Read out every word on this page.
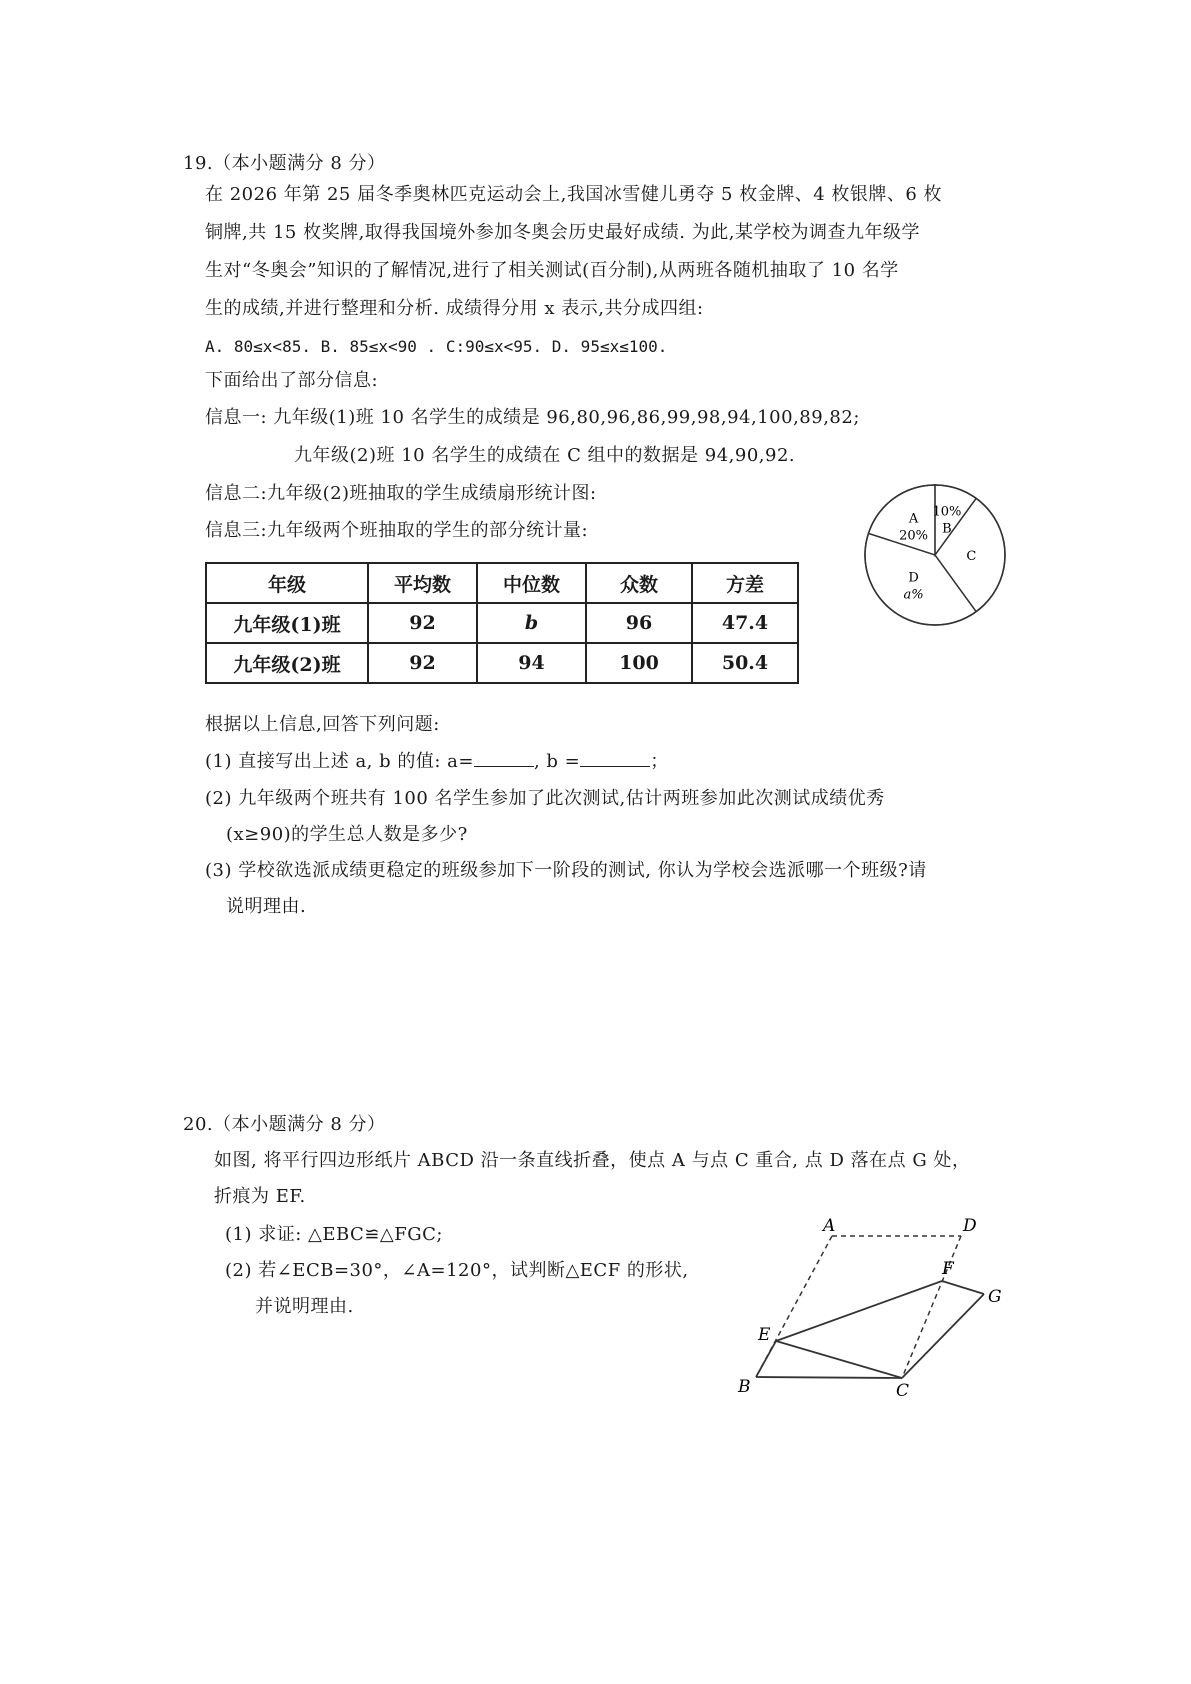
19.（本小题满分 8 分）
在 2026 年第 25 届冬季奥林匹克运动会上,我国冰雪健儿勇夺 5 枚金牌、4 枚银牌、6 枚
铜牌,共 15 枚奖牌,取得我国境外参加冬奥会历史最好成绩. 为此,某学校为调查九年级学
生对“冬奥会”知识的了解情况,进行了相关测试(百分制),从两班各随机抽取了 10 名学
生的成绩,并进行整理和分析. 成绩得分用 x 表示,共分成四组:
A. 80≤x<85. B. 85≤x<90 . C:90≤x<95. D. 95≤x≤100.
下面给出了部分信息:
信息一: 九年级(1)班 10 名学生的成绩是 96,80,96,86,99,98,94,100,89,82;
九年级(2)班 10 名学生的成绩在 C 组中的数据是 94,90,92.
信息二:九年级(2)班抽取的学生成绩扇形统计图:
信息三:九年级两个班抽取的学生的部分统计量:
10%
B
C
D
a%
A
20%
年级	平均数	中位数	众数	方差
九年级(1)班	92	b	96	47.4
九年级(2)班	92	94	100	50.4
根据以上信息,回答下列问题:
(1) 直接写出上述 a, b 的值: a=	, b =	；
(2) 九年级两个班共有 100 名学生参加了此次测试,估计两班参加此次测试成绩优秀
(x≥90)的学生总人数是多少?
(3) 学校欲选派成绩更稳定的班级参加下一阶段的测试, 你认为学校会选派哪一个班级?请
说明理由.
20.（本小题满分 8 分）
如图, 将平行四边形纸片 ABCD 沿一条直线折叠，使点 A 与点 C 重合, 点 D 落在点 G 处，
折痕为 EF.
(1) 求证: △EBC≌△FGC;
(2) 若∠ECB=30°，∠A=120°，试判断△ECF 的形状,
并说明理由.
A	D
F
G
E
B	C
